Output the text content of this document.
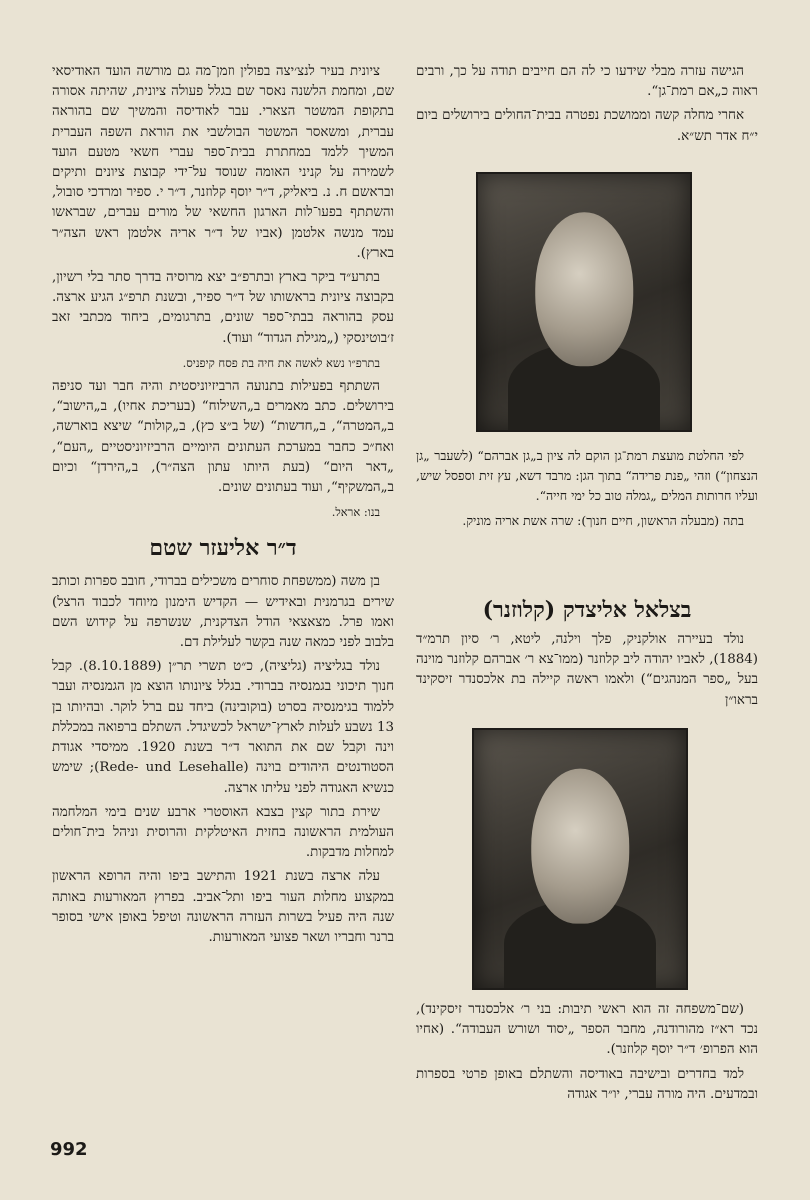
הגישה עזרה מבלי שידעו כי לה הם חייבים תודה על כך, ורבים ראוה כ„אם רמת־גן“.

אחרי מחלה קשה וממושכת נפטרה בבית־החולים בירושלים ביום י״ח אדר תש״א.

לפי החלטת מועצת רמת־גן הוקם לה ציון ב„גן אברהם“ (לשעבר „גן הנצחון“) וזהי „פנת פרידה“ בתוך הגן: מרבד דשא, עץ זית וספסל שיש, ועליו חרותות המלים „גמלה טוב כל ימי חייה“.

בתה (מבעלה הראשון, חיים חנוך): שרה אשת אריה מוניק.

בצלאל אליצדק (קלוזנר)

נולד בעיירה אולקניק, פלך וילנה, ליטא, ר׳ סיון תרמ״ד (1884), לאביו יהודה ליב קלוזנר (ממו־צא ר׳ אברהם קלוזנר מוינה בעל „ספר המנהגים“) ולאמו ראשה קיילה בת אלכסנדר זיסקינד בראו״ן

(שם־משפחה זה הוא ראשי תיבות: בני ר׳ אלכסנדר זיסקינד), נכד רא״ז מהורודנה, מחבר הספר „יסוד ושורש העבודה“. (אחיו הוא הפרופ׳ ד״ר יוסף קלוזנר).

למד בחדרים ובישיבה באודיסה והשתלם באופן פרטי בספרות ובמדעים. היה מורה עברי, יו״ר אגודה

ציונית בעיר לנצ׳יצה בפולין וזמן־מה גם מורשה הועד האודיסאי שם, ומחמת הלשנה נאסר שם בגלל פעולה ציונית, שהיתה אסורה בתקופת המשטר הצארי. עבר לאודיסה והמשיך שם בהוראה עברית, ומשאסר המשטר הבולשבי את הוראת השפה העברית המשיך ללמד במחתרת בבית־ספר עברי חשאי מטעם הועד לשמירה על קניני האומה שנוסד על־ידי קבוצת ציונים ותיקים ובראשם ח. נ. ביאליק, ד״ר יוסף קלוזנר, ד״ר י. ספיר ומרדכי סובול, והשתתף בפעו־לות הארגון החשאי של מורים עברים, שבראשו עמד מנשה אלטמן (אביו של ד״ר אריה אלטמן ראש הצה״ר בארץ).

בתרע״ד ביקר בארץ ובתרפ״ב יצא מרוסיה בדרך סתר בלי רשיון, בקבוצה ציונית בראשותו של ד״ר ספיר, ובשנת תרפ״ג הגיע ארצה. עסק בהוראה בבתי־ספר שונים, בתרגומים, ביחוד מכתבי זאב ז׳בוטינסקי („מגילת הגדוד“ ועוד).

בתרפ״ו נשא לאשה את חיה בת פסח קיפניס.

השתתף בפעילות בתנועה הרביזיוניסטית והיה חבר ועד סניפה בירושלים. כתב מאמרים ב„השילוח“ (בעריכת אחיו), ב„הישוב“, ב„המטרה“, ב„חדשות“ (של ב״צ כץ), ב„קולות“ שיצא בוארשה, ואח״כ כחבר במערכת העתונים היומיים הרביזיוניסטיים „העם“, „דאר היום“ (בעת היותו עתון הצה״ר), ב„הירדן“ וכיום ב„המשקיף“, ועוד בעתונים שונים.

בנו: אראל.

ד״ר אליעזר שטם

בן משה (ממשפחת סוחרים משכילים בברודי, חובב ספרות וכותב שירים בגרמנית ובאידיש — הקדיש הימנון מיוחד לכבוד הרצל) ואמו פרל. מצאצאי הודל הצדקנית, שנשרפה על קידוש השם בלבוב לפני כמאה שנה בקשר לעלילת דם.

נולד בגליציה (גליציה), כ״ט תשרי תר״ן (8.10.1889). קבל חנוך תיכוני בגמנסיה בברודי. בגלל ציונותו הוצא מן הגמנסיה ועבר ללמוד בגימנסיה בסרט (בוקובינה) ביחד עם ברל לוקר. ובהיותו בן 13 נשבע לעלות לארץ־ישראל לכשיגדל. השתלם ברפואה במכללת וינה וקבל שם את התואר ד״ר בשנת 1920. ממיסדי אגודת הסטודנטים היהודים בוינה (Rede- und Lesehalle); שימש כנשיא האגודה לפני עליתו ארצה.

שירת בתור קצין בצבא האוסטרי ארבע שנים בימי המלחמה העולמית הראשונה בחזית האיטלקית והרוסית וניהל בית־חולים למחלות מדבקות.

עלה ארצה בשנת 1921 והתישב ביפו והיה הרופא הראשון במקצוע מחלות העור ביפו ותל־אביב. בפרוץ המאורעות באותה שנה היה פעיל בשרות העזרה הראשונה וטיפל באופן אישי בסופר ברנר וחבריו ושאר פצועי המאורעות.

992
